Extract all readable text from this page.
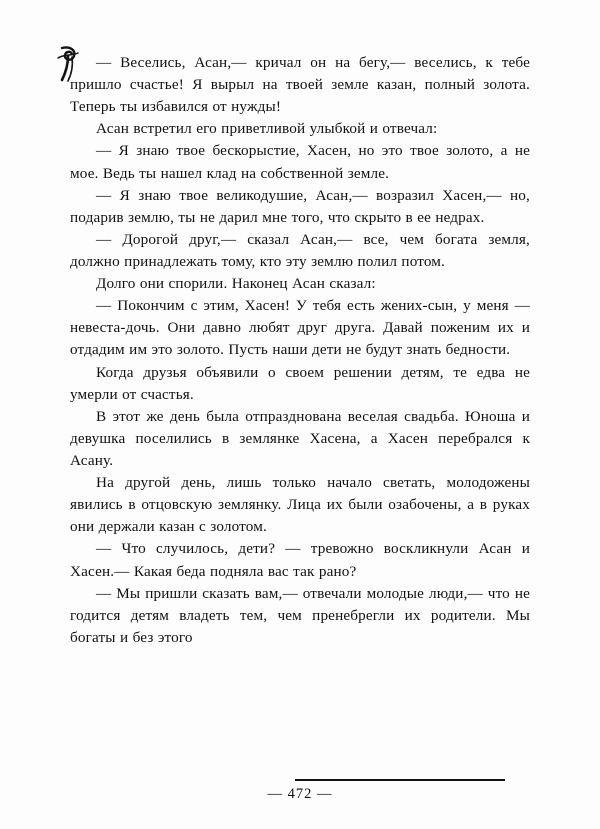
— Веселись, Асан,— кричал он на бегу,— веселись, к тебе пришло счастье! Я вырыл на твоей земле казан, полный золота. Теперь ты избавился от нужды!

Асан встретил его приветливой улыбкой и отвечал:

— Я знаю твое бескорыстие, Хасен, но это твое золото, а не мое. Ведь ты нашел клад на собственной земле.

— Я знаю твое великодушие, Асан,— возразил Хасен,— но, подарив землю, ты не дарил мне того, что скрыто в ее недрах.

— Дорогой друг,— сказал Асан,— все, чем богата земля, должно принадлежать тому, кто эту землю полил потом.

Долго они спорили. Наконец Асан сказал:

— Покончим с этим, Хасен! У тебя есть жених-сын, у меня — невеста-дочь. Они давно любят друг друга. Давай поженим их и отдадим им это золото. Пусть наши дети не будут знать бедности.

Когда друзья объявили о своем решении детям, те едва не умерли от счастья.

В этот же день была отпразднована веселая свадьба. Юноша и девушка поселились в землянке Хасена, а Хасен перебрался к Асану.

На другой день, лишь только начало светать, молодожены явились в отцовскую землянку. Лица их были озабочены, а в руках они держали казан с золотом.

— Что случилось, дети? — тревожно воскликнули Асан и Хасен.— Какая беда подняла вас так рано?

— Мы пришли сказать вам,— отвечали молодые люди,— что не годится детям владеть тем, чем пренебрегли их родители. Мы богаты и без этого

— 472 —
